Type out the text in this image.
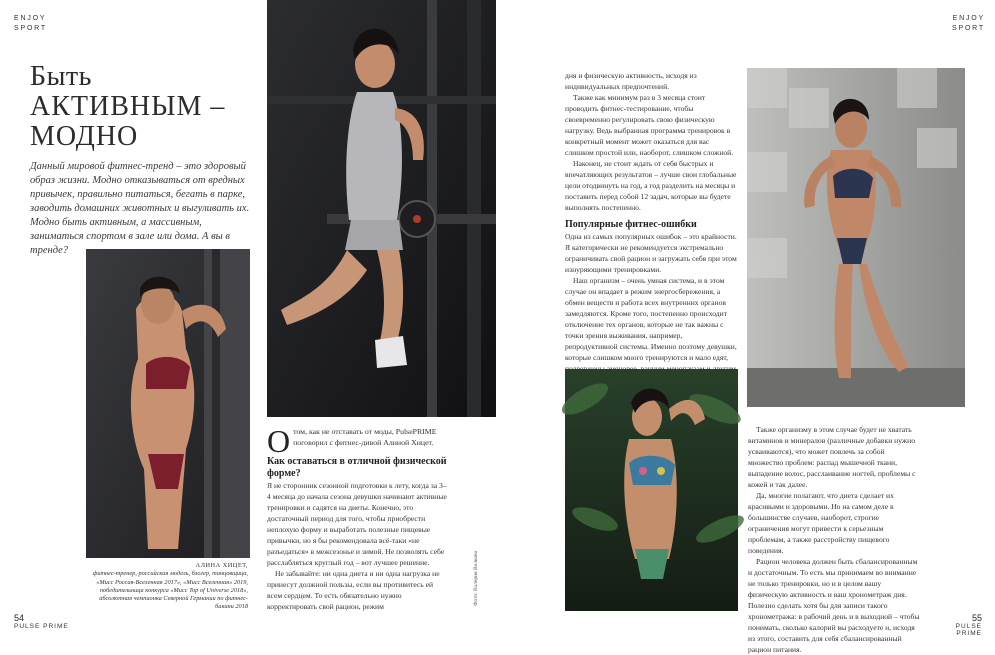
ENJOY
SPORT
ENJOY
SPORT
Быть
АКТИВНЫМ –
МОДНО
Данный мировой фитнес-тренд – это здоровый образ жизни. Модно отказываться от вредных привычек, правильно питаться, бегать в парке, заводить домашних животных и выгуливать их. Модно быть активным, а массивным, заниматься спортом в зале или дома. А вы в тренде?
АЛИНА ХИЦЕТ,
фитнес-тренер, российская модель, блогер, танцовщица, «Мисс Россия-Вселенная 2017», «Мисс Вселенная» 2019, победительница конкурса «Мисс Top of Universe 2018», абсолютная чемпионка Северной Германии по фитнес-бикини 2018
Фото: Валерия Волкова
О том, как не отставать от моды, PulsePRIME поговорил с фитнес-дивой Алиной Хицет.
Как оставаться в отличной физической форме?

Я не сторонник сезонной подготовки к лету, когда за 3–4 месяца до начала сезона девушки начинают активные тренировки и садятся на диеты. Конечно, это достаточный период для того, чтобы приобрести неплохую форму и выработать полезные пищевые привычки, но я бы рекомендовала всё-таки «не разъедаться» в межсезонье и зимой. Не позволять себе расслабляться круглый год – вот лучшее решение.

Не забывайте: ни одна диета и ни одна нагрузка не принесут должной пользы, если вы противитесь ей всем сердцем. То есть обязательно нужно корректировать свой рацион, режим

дня и физическую активность, исходя из индивидуальных предпочтений.

Также как минимум раз в 3 месяца стоит проводить фитнес-тестирование, чтобы своевременно регулировать свою физическую нагрузку. Ведь выбранная программа тренировок в конкретный момент может оказаться для вас слишком простой или, наоборот, слишком сложной.

Наконец, не стоит ждать от себя быстрых и впечатляющих результатов – лучше свои глобальные цели отодвинуть на год, а год разделить на месяцы и поставить перед собой 12 задач, которые вы будете выполнять постепенно.

Популярные фитнес-ошибки

Одна из самых популярных ошибок – это крайности. Я категорически не рекомендуется экстремально ограничивать свой рацион и загружать себя при этом изнуряющими тренировками.

Наш организм – очень умная система, и в этом случае он впадает в режим энергосбережения, а обмен веществ и работа всех внутренних органов замедляются. Кроме того, постепенно происходит отключение тех органов, которые не так важны с точки зрения выживания, например, репродуктивной системы. Именно поэтому девушки, которые слишком много тренируются и мало едят,

Также организму в этом случае будет не хватать витаминов и минералов (различные добавки нужно усваиваются), что может повлечь за собой множество проблем: распад мышечной ткани, выпадение волос, расслаивание ногтей, проблемы с кожей и так далее.

Да, многие полагают, что диета сделает их красивыми и здоровыми. Но на самом деле в большинстве случаев, наоборот, строгие ограничения могут привести к серьезным проблемам, а также расстройству пищевого поведения.

Рацион человека должен быть сбалансированным и достаточным. То есть мы принимаем во внимание не только тренировки, но и в целом вашу физическую активность и ваш хронометраж дня. Полезно сделать хотя бы для записи такого хронометража: в рабочий день и в выходной – чтобы понимать, сколько калорий вы расходуете и, исходя из этого, составить для себя сбалансированный рацион питания.

54
PULSE PRIME
55
PULSE PRIME
